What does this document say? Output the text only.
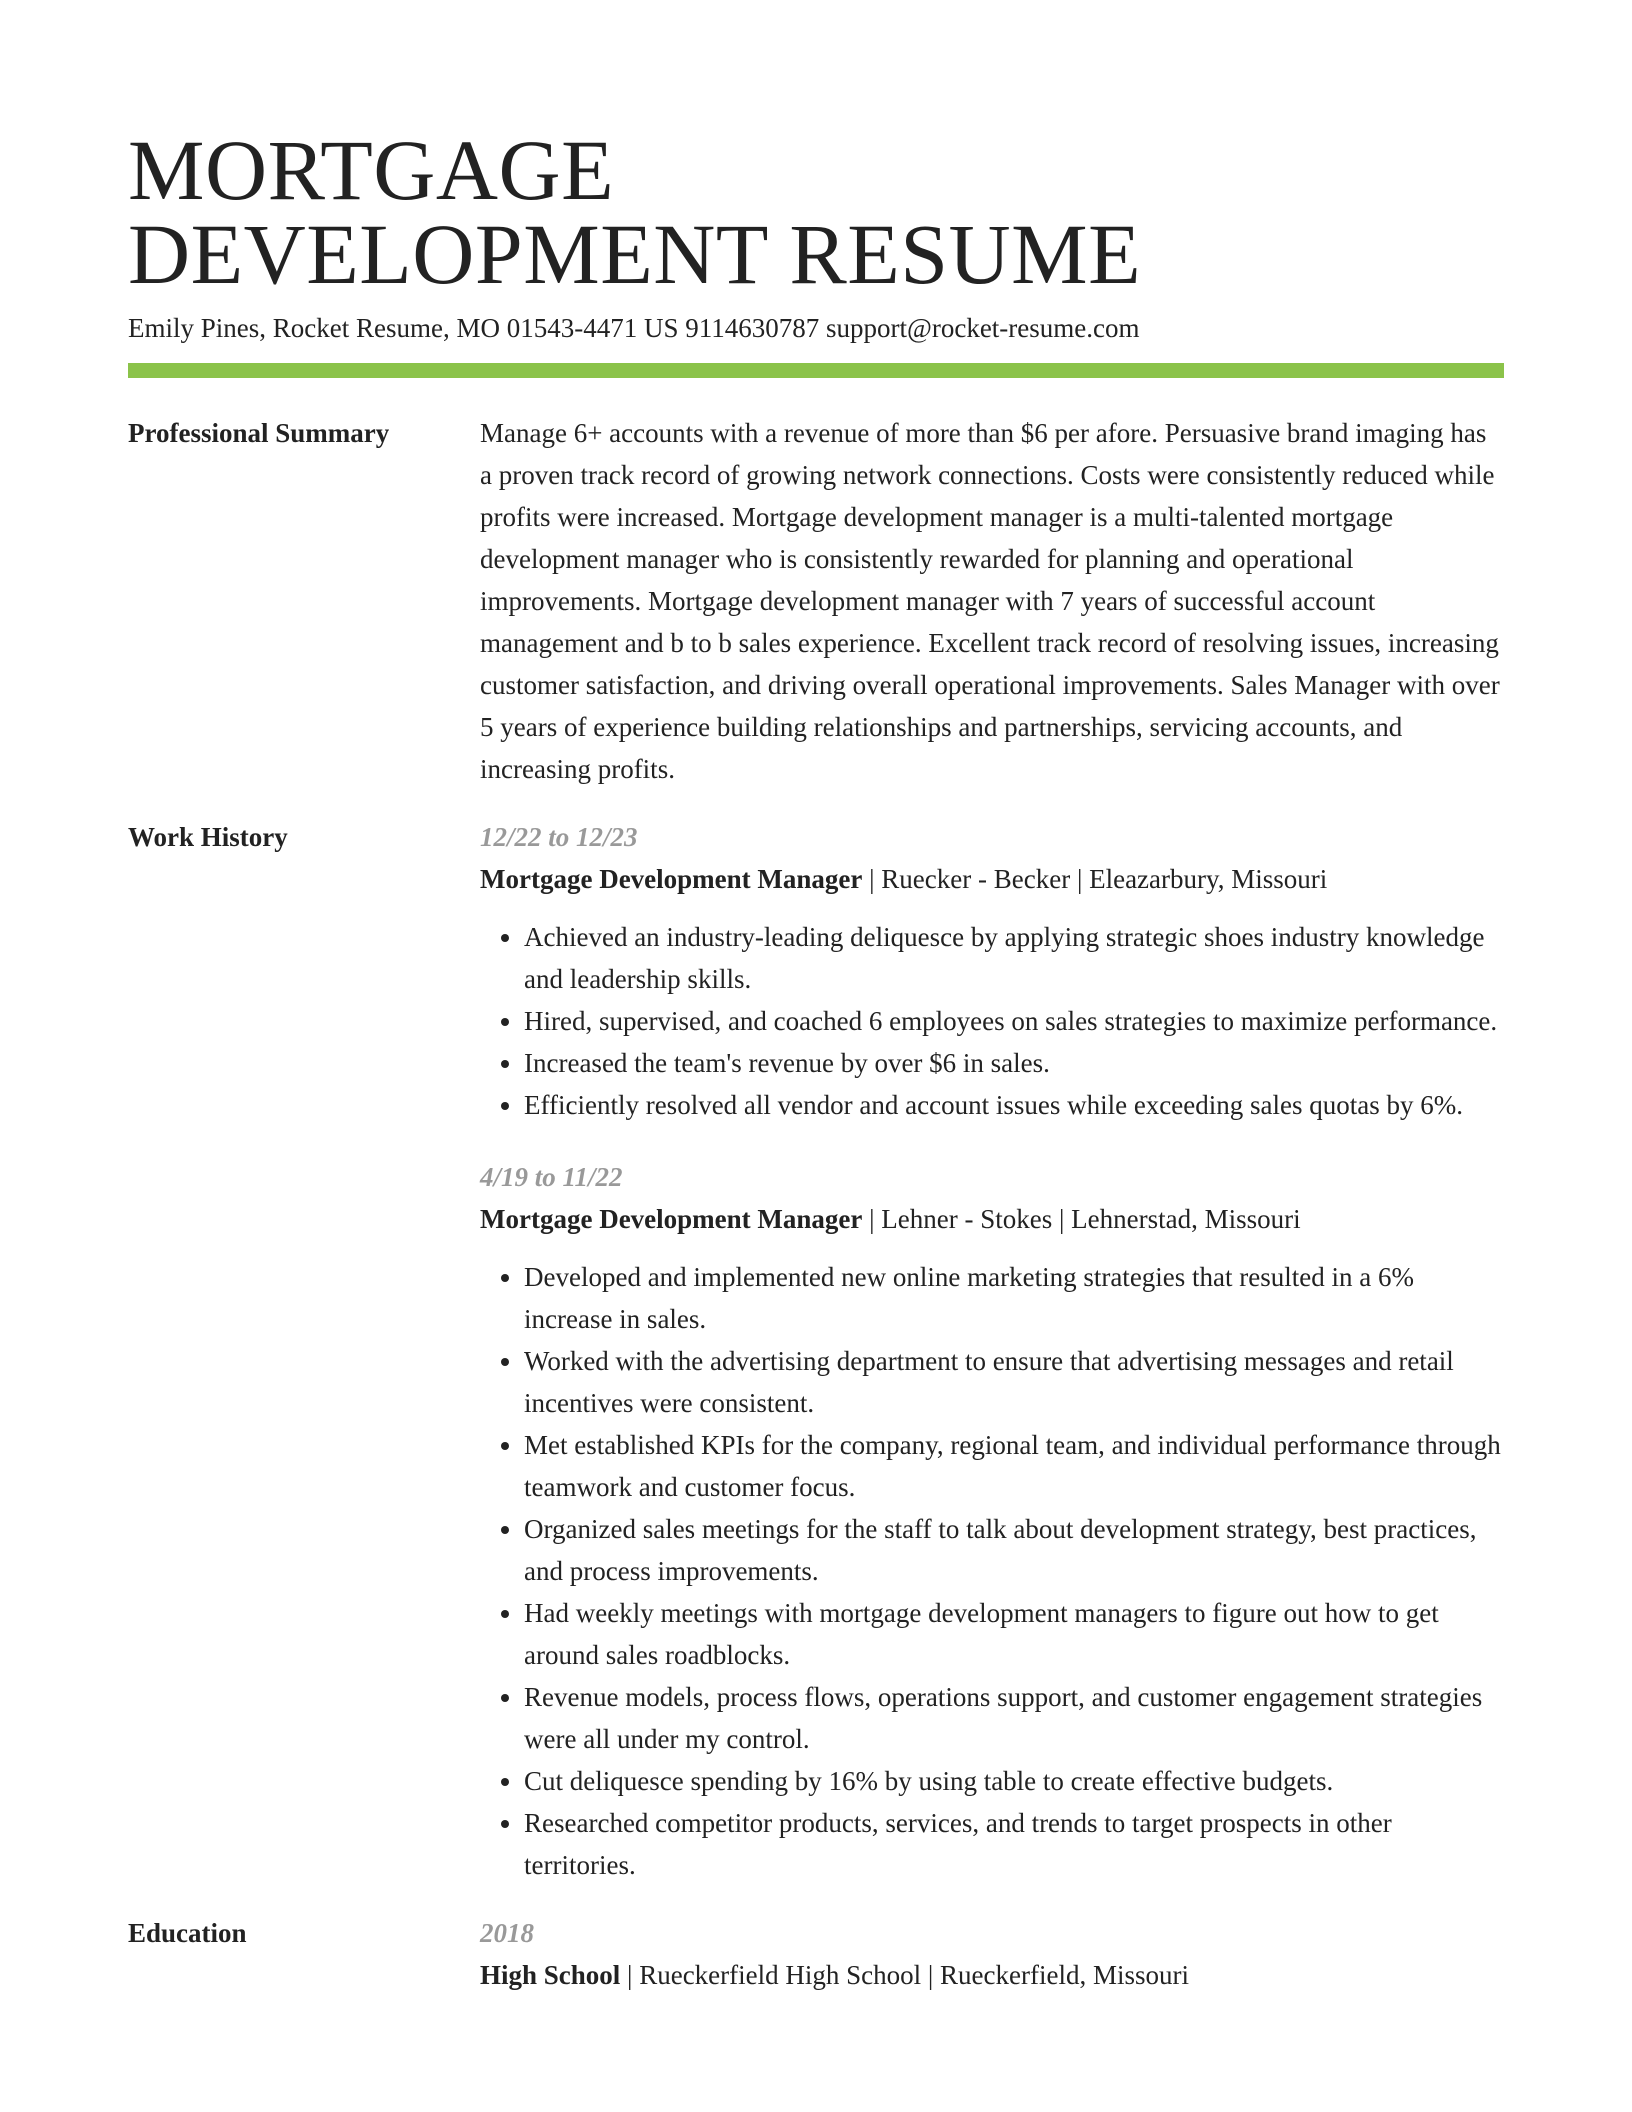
MORTGAGE
DEVELOPMENT RESUME
Emily Pines, Rocket Resume, MO 01543-4471 US 9114630787 support@rocket-resume.com
Professional Summary	Manage 6+ accounts with a revenue of more than $6 per afore. Persuasive brand imaging has a proven track record of growing network connections. Costs were consistently reduced while profits were increased. Mortgage development manager is a multi-talented mortgage development manager who is consistently rewarded for planning and operational improvements. Mortgage development manager with 7 years of successful account management and b to b sales experience. Excellent track record of resolving issues, increasing customer satisfaction, and driving overall operational improvements. Sales Manager with over 5 years of experience building relationships and partnerships, servicing accounts, and increasing profits.

Work History	12/22 to 12/23
Mortgage Development Manager | Ruecker - Becker | Eleazarbury, Missouri
• Achieved an industry-leading deliquesce by applying strategic shoes industry knowledge and leadership skills.
• Hired, supervised, and coached 6 employees on sales strategies to maximize performance.
• Increased the team's revenue by over $6 in sales.
• Efficiently resolved all vendor and account issues while exceeding sales quotas by 6%.
4/19 to 11/22
Mortgage Development Manager | Lehner - Stokes | Lehnerstad, Missouri
• Developed and implemented new online marketing strategies that resulted in a 6% increase in sales.
• Worked with the advertising department to ensure that advertising messages and retail incentives were consistent.
• Met established KPIs for the company, regional team, and individual performance through teamwork and customer focus.
• Organized sales meetings for the staff to talk about development strategy, best practices, and process improvements.
• Had weekly meetings with mortgage development managers to figure out how to get around sales roadblocks.
• Revenue models, process flows, operations support, and customer engagement strategies were all under my control.
• Cut deliquesce spending by 16% by using table to create effective budgets.
• Researched competitor products, services, and trends to target prospects in other territories.
Education	2018
High School | Rueckerfield High School | Rueckerfield, Missouri
